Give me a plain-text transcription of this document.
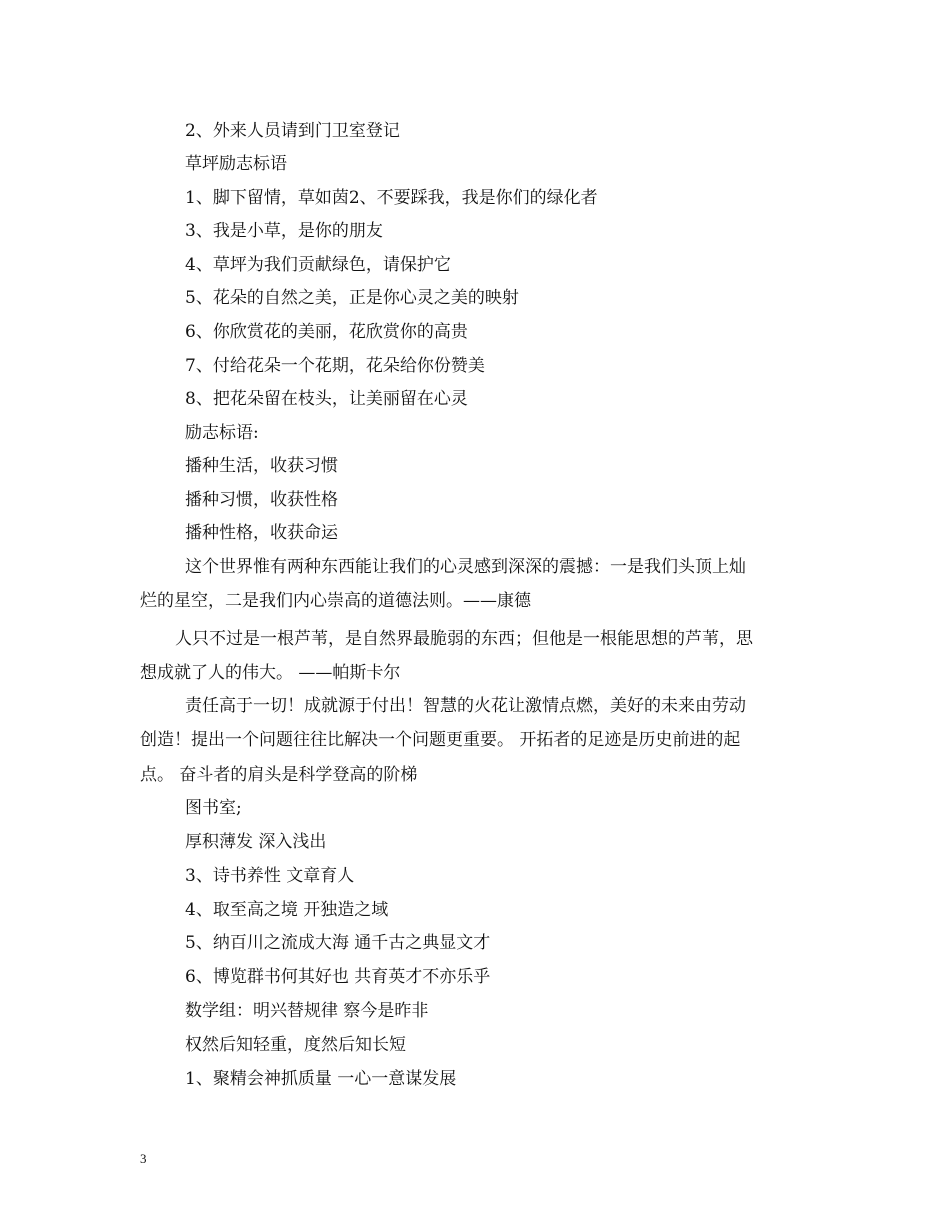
2、外来人员请到门卫室登记
草坪励志标语
1、脚下留情，草如茵2、不要踩我，我是你们的绿化者
3、我是小草，是你的朋友
4、草坪为我们贡献绿色，请保护它
5、花朵的自然之美，正是你心灵之美的映射
6、你欣赏花的美丽，花欣赏你的高贵
7、付给花朵一个花期，花朵给你份赞美
8、把花朵留在枝头，让美丽留在心灵
励志标语:
播种生活，收获习惯
播种习惯，收获性格
播种性格，收获命运
这个世界惟有两种东西能让我们的心灵感到深深的震撼：一是我们头顶上灿
烂的星空，二是我们内心崇高的道德法则。——康德
人只不过是一根芦苇，是自然界最脆弱的东西；但他是一根能思想的芦苇，思
想成就了人的伟大。 ——帕斯卡尔
责任高于一切！成就源于付出！智慧的火花让激情点燃，美好的未来由劳动
创造！提出一个问题往往比解决一个问题更重要。 开拓者的足迹是历史前进的起
点。 奋斗者的肩头是科学登高的阶梯
图书室;
厚积薄发 深入浅出
3、诗书养性 文章育人
4、取至高之境 开独造之域
5、纳百川之流成大海 通千古之典显文才
6、博览群书何其好也 共育英才不亦乐乎
数学组：明兴替规律 察今是昨非
权然后知轻重，度然后知长短
1、聚精会神抓质量 一心一意谋发展
3
